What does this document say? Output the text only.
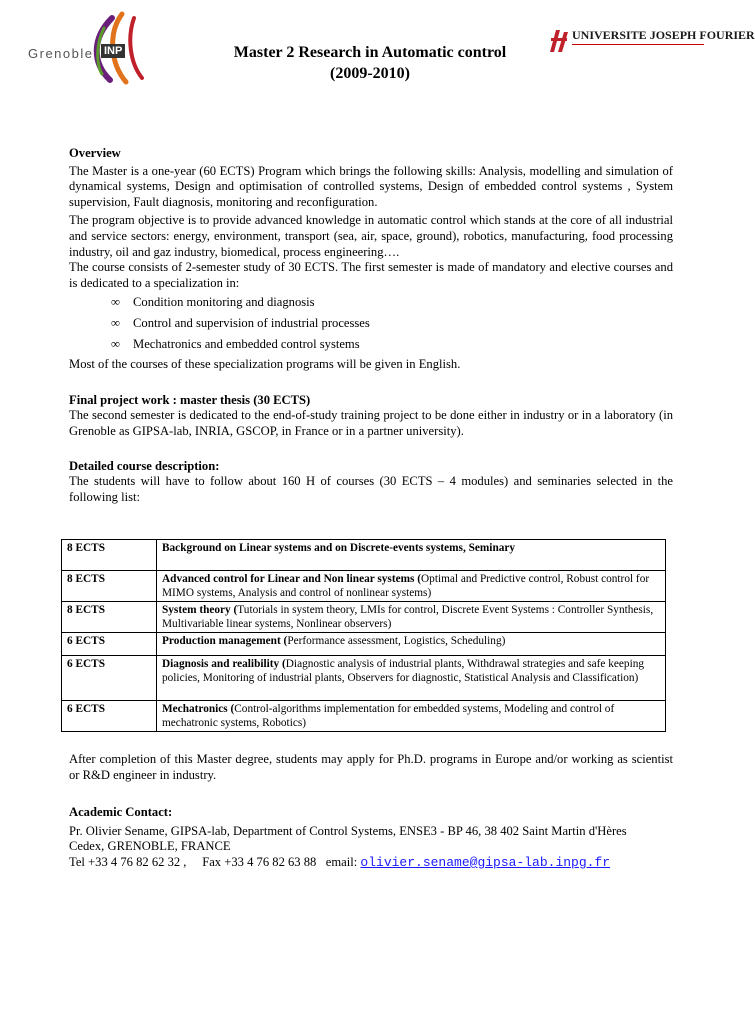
Grenoble INP	Master 2 Research in Automatic control
(2009-2010)
UNIVERSITE JOSEPH FOURIER

Overview

The Master is a one-year (60 ECTS) Program which brings the following skills: Analysis, modelling and simulation of dynamical systems, Design and optimisation of controlled systems, Design of embedded control systems , System supervision, Fault diagnosis, monitoring and reconfiguration.

The program objective is to provide advanced knowledge in automatic control which stands at the core of all industrial and service sectors: energy, environment, transport (sea, air, space, ground), robotics, manufacturing, food processing industry, oil and gaz industry, biomedical, process engineering….

The course consists of 2-semester study of 30 ECTS. The first semester is made of mandatory and elective courses and is dedicated to a specialization in:

∞ Condition monitoring and diagnosis
∞ Control and supervision of industrial processes
∞ Mechatronics and embedded control systems

Most of the courses of these specialization programs will be given in English.

Final project work : master thesis (30 ECTS)

The second semester is dedicated to the end-of-study training project to be done either in industry or in a laboratory (in Grenoble as GIPSA-lab, INRIA, GSCOP, in France or in a partner university).

Detailed course description:

The students will have to follow about 160 H of courses (30 ECTS – 4 modules) and seminaries selected in the following list:

8 ECTS	Background on Linear systems and on Discrete-events systems, Seminary
8 ECTS	Advanced control for Linear and Non linear systems (Optimal and Predictive control, Robust control for MIMO systems, Analysis and control of nonlinear systems)
8 ECTS	System theory (Tutorials in system theory, LMIs for control, Discrete Event Systems : Controller Synthesis, Multivariable linear systems, Nonlinear observers)
6 ECTS	Production management (Performance assessment, Logistics, Scheduling)
6 ECTS	Diagnosis and realibility (Diagnostic analysis of industrial plants, Withdrawal strategies and safe keeping policies, Monitoring of industrial plants, Observers for diagnostic, Statistical Analysis and Classification)
6 ECTS	Mechatronics (Control-algorithms implementation for embedded systems, Modeling and control of mechatronic systems, Robotics)

After completion of this Master degree, students may apply for Ph.D. programs in Europe and/or working as scientist or R&D engineer in industry.

Academic Contact:

Pr. Olivier Sename, GIPSA-lab, Department of Control Systems, ENSE3 - BP 46, 38 402 Saint Martin d'Hères

Cedex, GRENOBLE, FRANCE

Tel +33 4 76 82 62 32 ,     Fax +33 4 76 82 63 88   email: olivier.sename@gipsa-lab.inpg.fr
